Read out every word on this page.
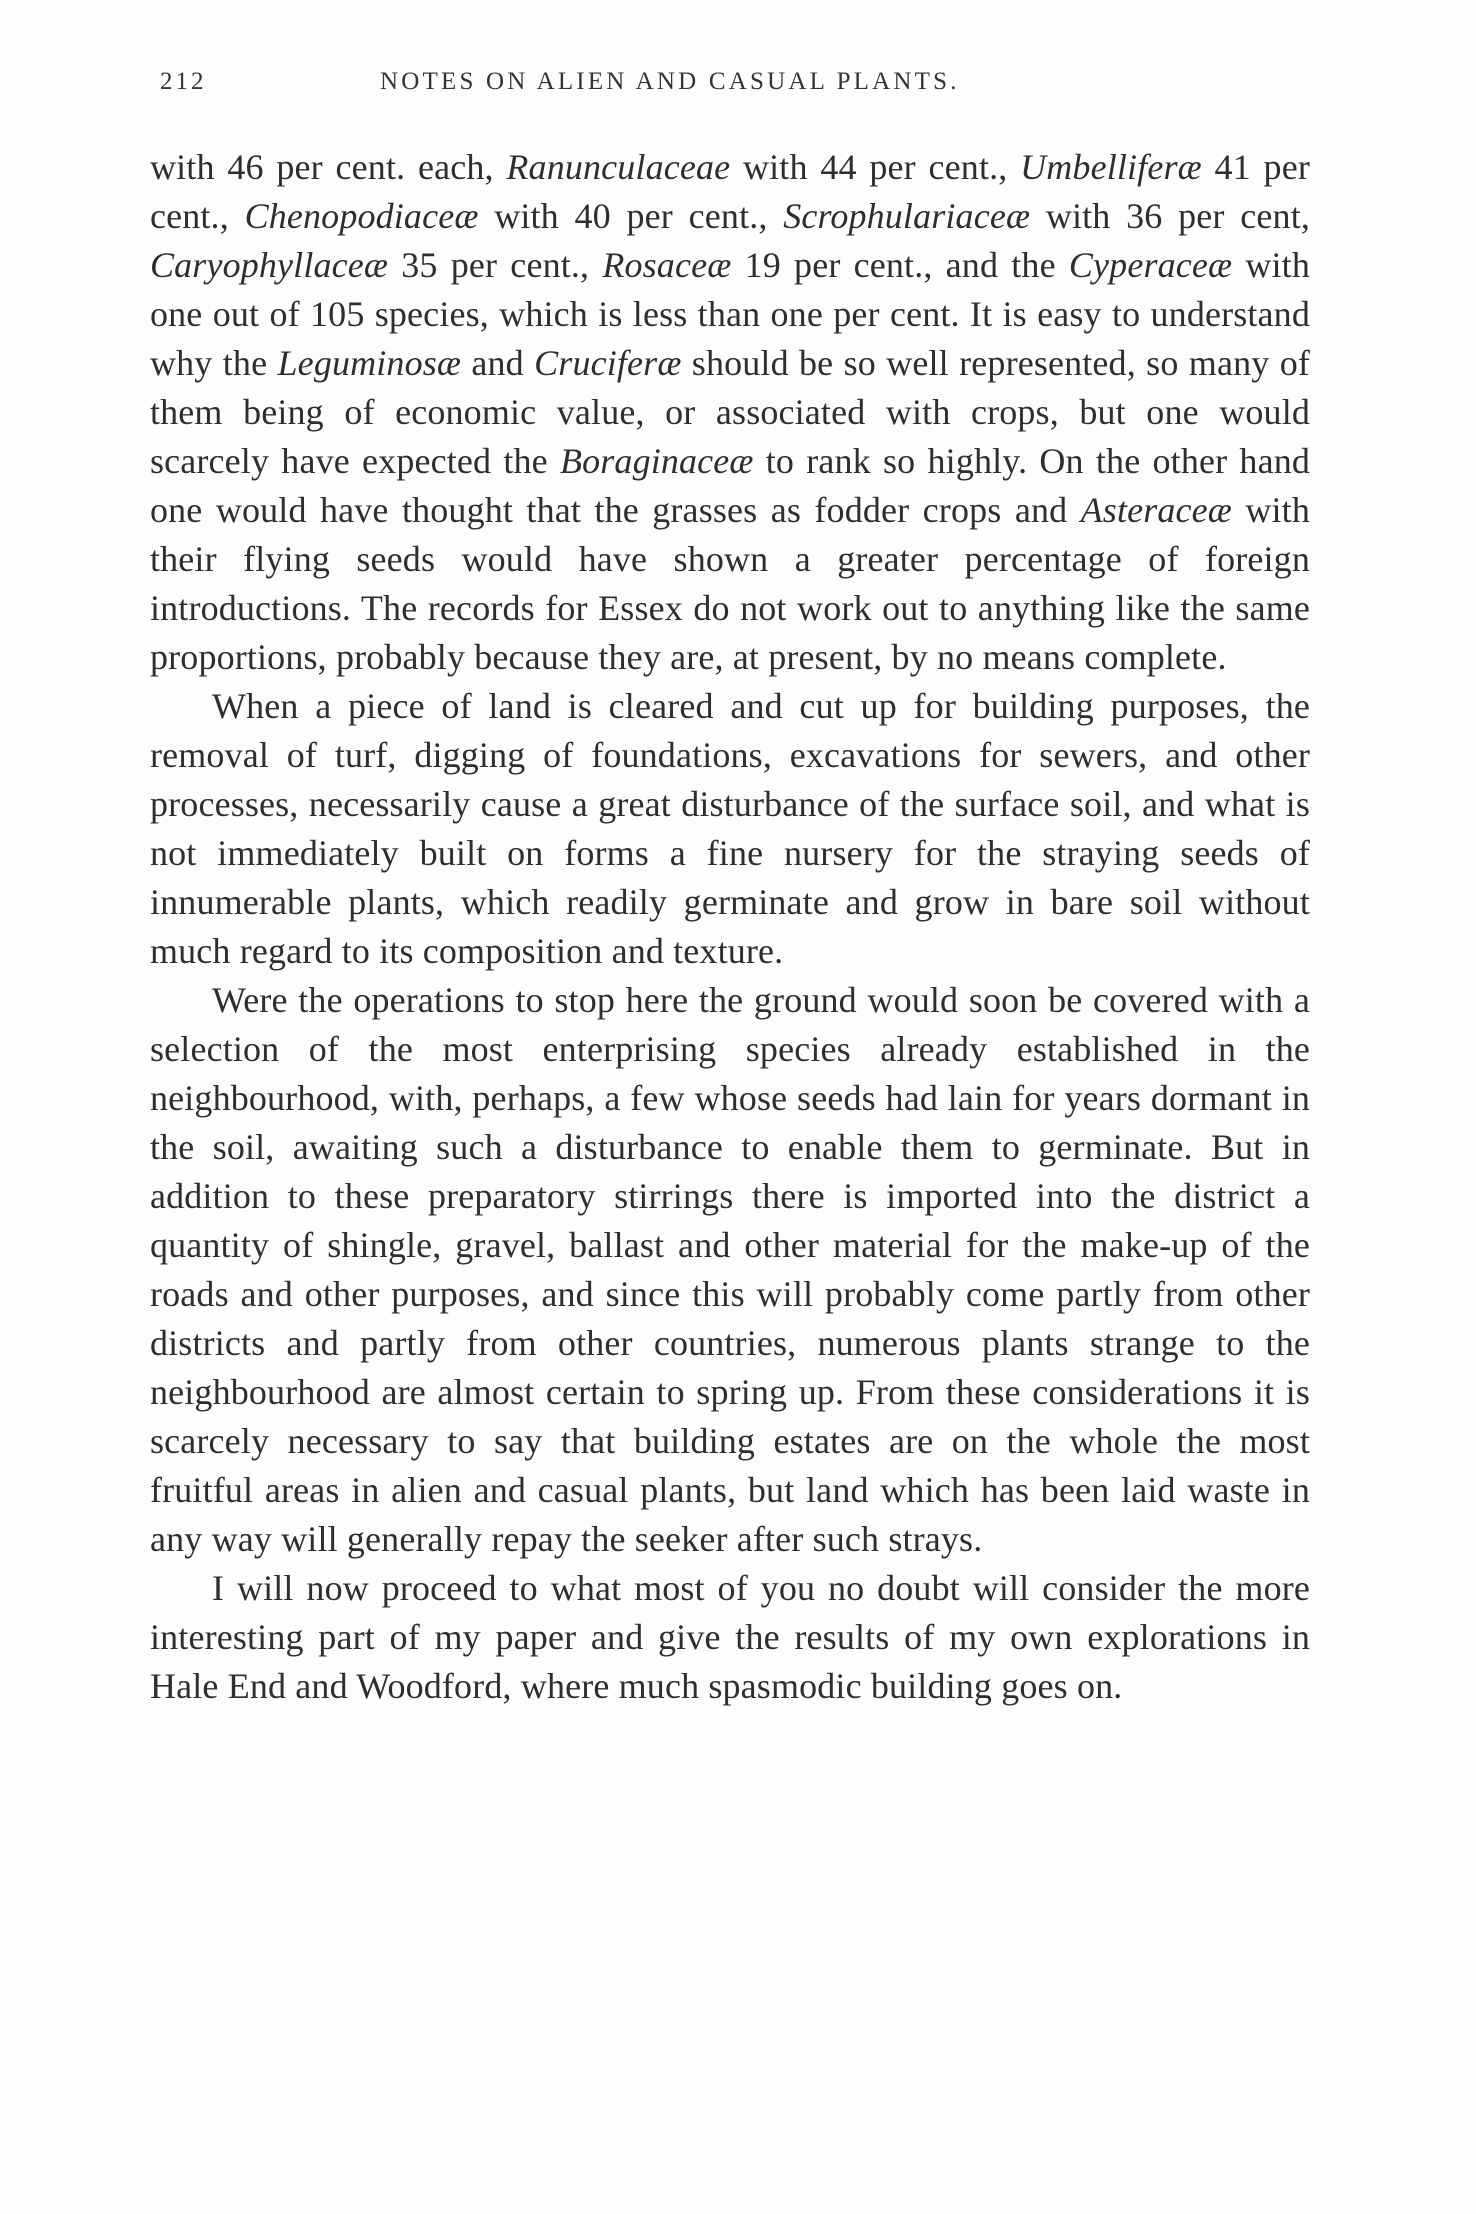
212	NOTES ON ALIEN AND CASUAL PLANTS.

with 46 per cent. each, Ranunculaceae with 44 per cent., Umbelliferæ 41 per cent., Chenopodiaceæ with 40 per cent., Scrophulariaceæ with 36 per cent, Caryophyllaceæ 35 per cent., Rosaceæ 19 per cent., and the Cyperaceæ with one out of 105 species, which is less than one per cent. It is easy to understand why the Leguminosæ and Cruciferæ should be so well represented, so many of them being of economic value, or associated with crops, but one would scarcely have expected the Boraginaceæ to rank so highly. On the other hand one would have thought that the grasses as fodder crops and Asteraceæ with their flying seeds would have shown a greater percentage of foreign introductions. The records for Essex do not work out to anything like the same proportions, probably because they are, at present, by no means complete.

When a piece of land is cleared and cut up for building purposes, the removal of turf, digging of foundations, excavations for sewers, and other processes, necessarily cause a great disturbance of the surface soil, and what is not immediately built on forms a fine nursery for the straying seeds of innumerable plants, which readily germinate and grow in bare soil without much regard to its composition and texture.

Were the operations to stop here the ground would soon be covered with a selection of the most enterprising species already established in the neighbourhood, with, perhaps, a few whose seeds had lain for years dormant in the soil, awaiting such a disturbance to enable them to germinate. But in addition to these preparatory stirrings there is imported into the district a quantity of shingle, gravel, ballast and other material for the make-up of the roads and other purposes, and since this will probably come partly from other districts and partly from other countries, numerous plants strange to the neighbourhood are almost certain to spring up. From these considerations it is scarcely necessary to say that building estates are on the whole the most fruitful areas in alien and casual plants, but land which has been laid waste in any way will generally repay the seeker after such strays.

I will now proceed to what most of you no doubt will consider the more interesting part of my paper and give the results of my own explorations in Hale End and Woodford, where much spasmodic building goes on.
